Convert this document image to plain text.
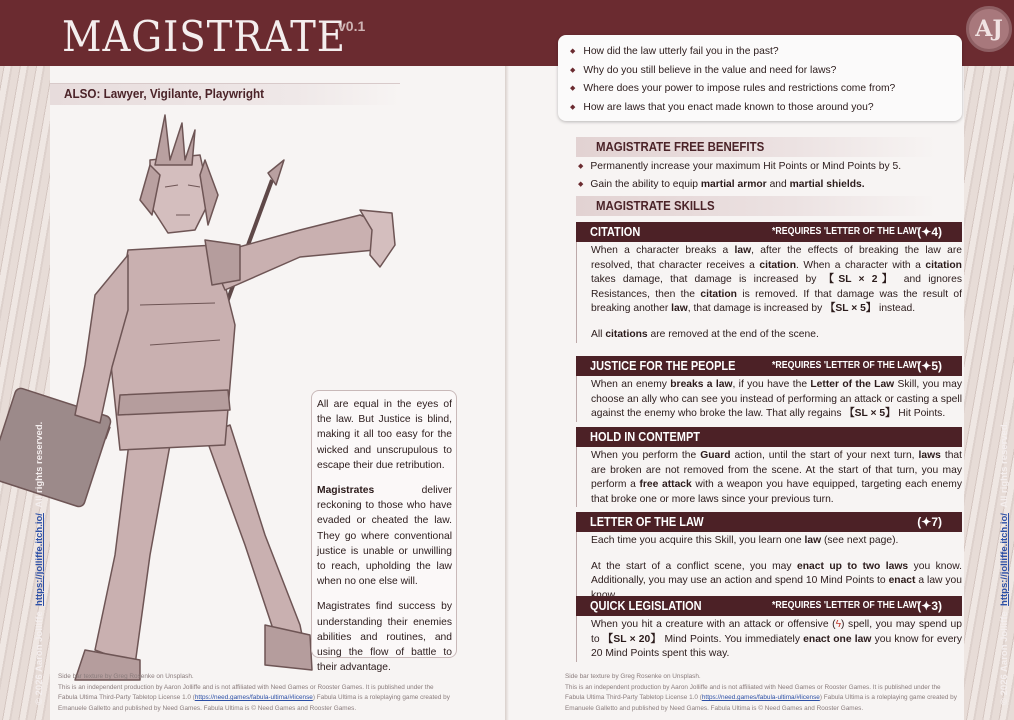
MAGISTRATE
v0.1	AJ
ALSO: Lawyer, Vigilante, Playwright

All are equal in the eyes of the law. But Justice is blind, making it all too easy for the wicked and unscrupulous to escape their due retribution.

Magistrates deliver reckoning to those who have evaded or cheated the law. They go where conventional justice is unable or unwilling to reach, upholding the law when no one else will.

Magistrates find success by understanding their enemies abilities and routines, and using the flow of battle to their advantage.

◆ How did the law utterly fail you in the past?
◆ Why do you still believe in the value and need for laws?
◆ Where does your power to impose rules and restrictions come from?
◆ How are laws that you enact made known to those around you?
MAGISTRATE FREE BENEFITS
◆ Permanently increase your maximum Hit Points or Mind Points by 5.
◆ Gain the ability to equip martial armor and martial shields.
MAGISTRATE SKILLS
CITATION	*REQUIRES 'LETTER OF THE LAW'
(✦4)

When a character breaks a law, after the effects of breaking the law are resolved, that character receives a citation. When a character with a citation takes damage, that damage is increased by 【SL × 2】 and ignores Resistances, then the citation is removed. If that damage was the result of breaking another law, that damage is increased by 【SL × 5】 instead.

All citations are removed at the end of the scene.

JUSTICE FOR THE PEOPLE	*REQUIRES 'LETTER OF THE LAW'
(✦5)

When an enemy breaks a law, if you have the Letter of the Law Skill, you may choose an ally who can see you instead of performing an attack or casting a spell against the enemy who broke the law. That ally regains 【SL × 5】 Hit Points.

HOLD IN CONTEMPT

When you perform the Guard action, until the start of your next turn, laws that are broken are not removed from the scene. At the start of that turn, you may perform a free attack with a weapon you have equipped, targeting each enemy that broke one or more laws since your previous turn.

LETTER OF THE LAW	(✦7)

Each time you acquire this Skill, you learn one law (see next page).

At the start of a conflict scene, you may enact up to two laws you know. Additionally, you may use an action and spend 10 Mind Points to enact a law you

QUICK LEGISLATION	*REQUIRES 'LETTER OF THE LAW'
(✦3)

When you hit a creature with an attack or offensive (ϟ) spell, you may spend up to 【SL × 20】 Mind Points. You immediately enact one law you know for every 20 Mind Points spent this way.

Side bar texture by Greg Rosenke on Unsplash.
This is an independent production by Aaron Jolliffe and is not affiliated with Need Games or Rooster Games. It is published under the Fabula Ultima Third-Party Tabletop License 1.0 (https://need.games/fabula-ultima/#license) Fabula Ultima is a roleplaying game created by Emanuele Galletto and published by Need Games. Fabula Ultima is © Need Games and Rooster Games.
Side bar texture by Greg Rosenke on Unsplash.
This is an independent production by Aaron Jolliffe and is not affiliated with Need Games or Rooster Games. It is published under the Fabula Ultima Third-Party Tabletop License 1.0 (https://need.games/fabula-ultima/#license) Fabula Ultima is a roleplaying game created by Emanuele Galletto and published by Need Games. Fabula Ultima is © Need Games and Rooster Games.
© 2026 Aaron Jolliffe  https://jolliffe.itch.io/  All rights reserved.
© 2026 Aaron Jolliffe  https://jolliffe.itch.io/  All rights reserved.
